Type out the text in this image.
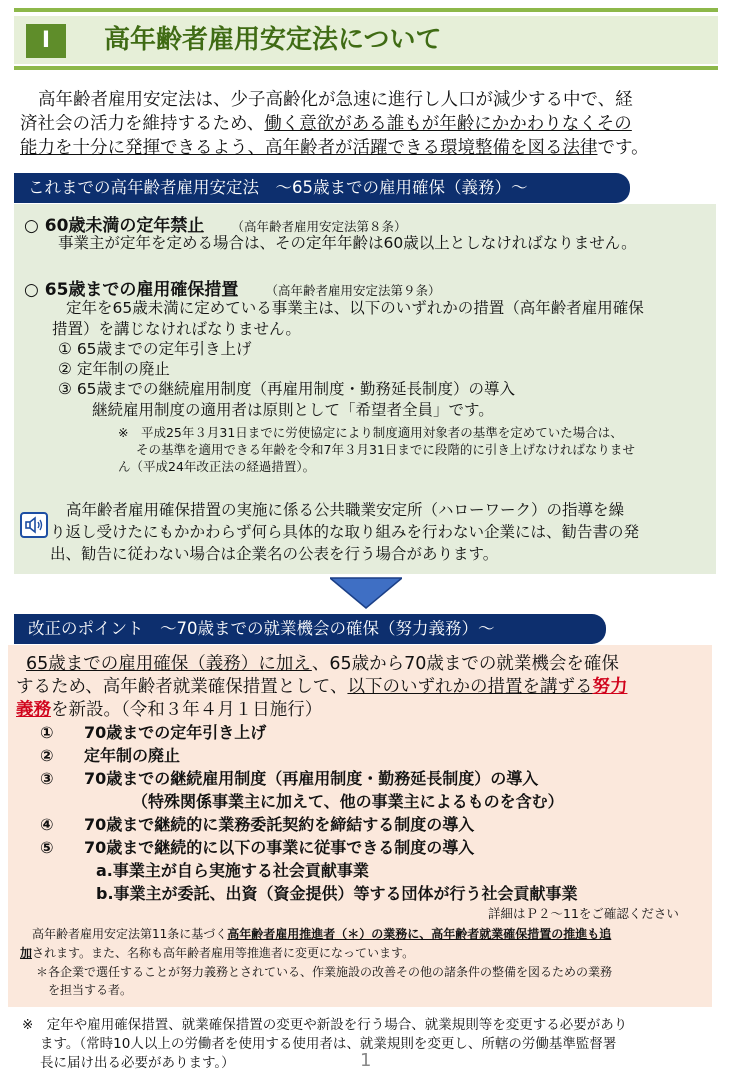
Ⅰ	高年齢者雇用安定法について

高年齢者雇用安定法は、少子高齢化が急速に進行し人口が減少する中で、経

済社会の活力を維持するため、働く意欲がある誰もが年齢にかかわりなくその

能力を十分に発揮できるよう、高年齢者が活躍できる環境整備を図る法律です。

これまでの高年齢者雇用安定法　～65歳までの雇用確保（義務）～
○ 60歳未満の定年禁止 （高年齢者雇用安定法第８条）
事業主が定年を定める場合は、その定年年齢は60歳以上としなければなりません。
○ 65歳までの雇用確保措置 （高年齢者雇用安定法第９条）
定年を65歳未満に定めている事業主は、以下のいずれかの措置（高年齢者雇用確保
措置）を講じなければなりません。
① 65歳までの定年引き上げ
② 定年制の廃止
③ 65歳までの継続雇用制度（再雇用制度・勤務延長制度）の導入
継続雇用制度の適用者は原則として「希望者全員」です。
※　平成25年３月31日までに労使協定により制度適用対象者の基準を定めていた場合は、
その基準を適用できる年齢を令和7年３月31日までに段階的に引き上げなければなりませ
ん（平成24年改正法の経過措置）。
高年齢者雇用確保措置の実施に係る公共職業安定所（ハローワーク）の指導を繰
り返し受けたにもかかわらず何ら具体的な取り組みを行わない企業には、勧告書の発
出、勧告に従わない場合は企業名の公表を行う場合があります。
改正のポイント　～70歳までの就業機会の確保（努力義務）～
65歳までの雇用確保（義務）に加え、65歳から70歳までの就業機会を確保
するため、高年齢者就業確保措置として、以下のいずれかの措置を講ずる努力
義務を新設。（令和３年４月１日施行）
① 70歳までの定年引き上げ
② 定年制の廃止
③ 70歳までの継続雇用制度（再雇用制度・勤務延長制度）の導入
（特殊関係事業主に加えて、他の事業主によるものを含む）
④ 70歳まで継続的に業務委託契約を締結する制度の導入
⑤ 70歳まで継続的に以下の事業に従事できる制度の導入
a.事業主が自ら実施する社会貢献事業
b.事業主が委託、出資（資金提供）等する団体が行う社会貢献事業
詳細はＰ２～11をご確認ください
高年齢者雇用安定法第11条に基づく高年齢者雇用推進者（＊）の業務に、高年齢者就業確保措置の推進も追
加されます。また、名称も高年齢者雇用等推進者に変更になっています。
＊各企業で選任することが努力義務とされている、作業施設の改善その他の諸条件の整備を図るための業務
を担当する者。
※　定年や雇用確保措置、就業確保措置の変更や新設を行う場合、就業規則等を変更する必要があり
ます。（常時10人以上の労働者を使用する使用者は、就業規則を変更し、所轄の労働基準監督署
長に届け出る必要があります。）	1
